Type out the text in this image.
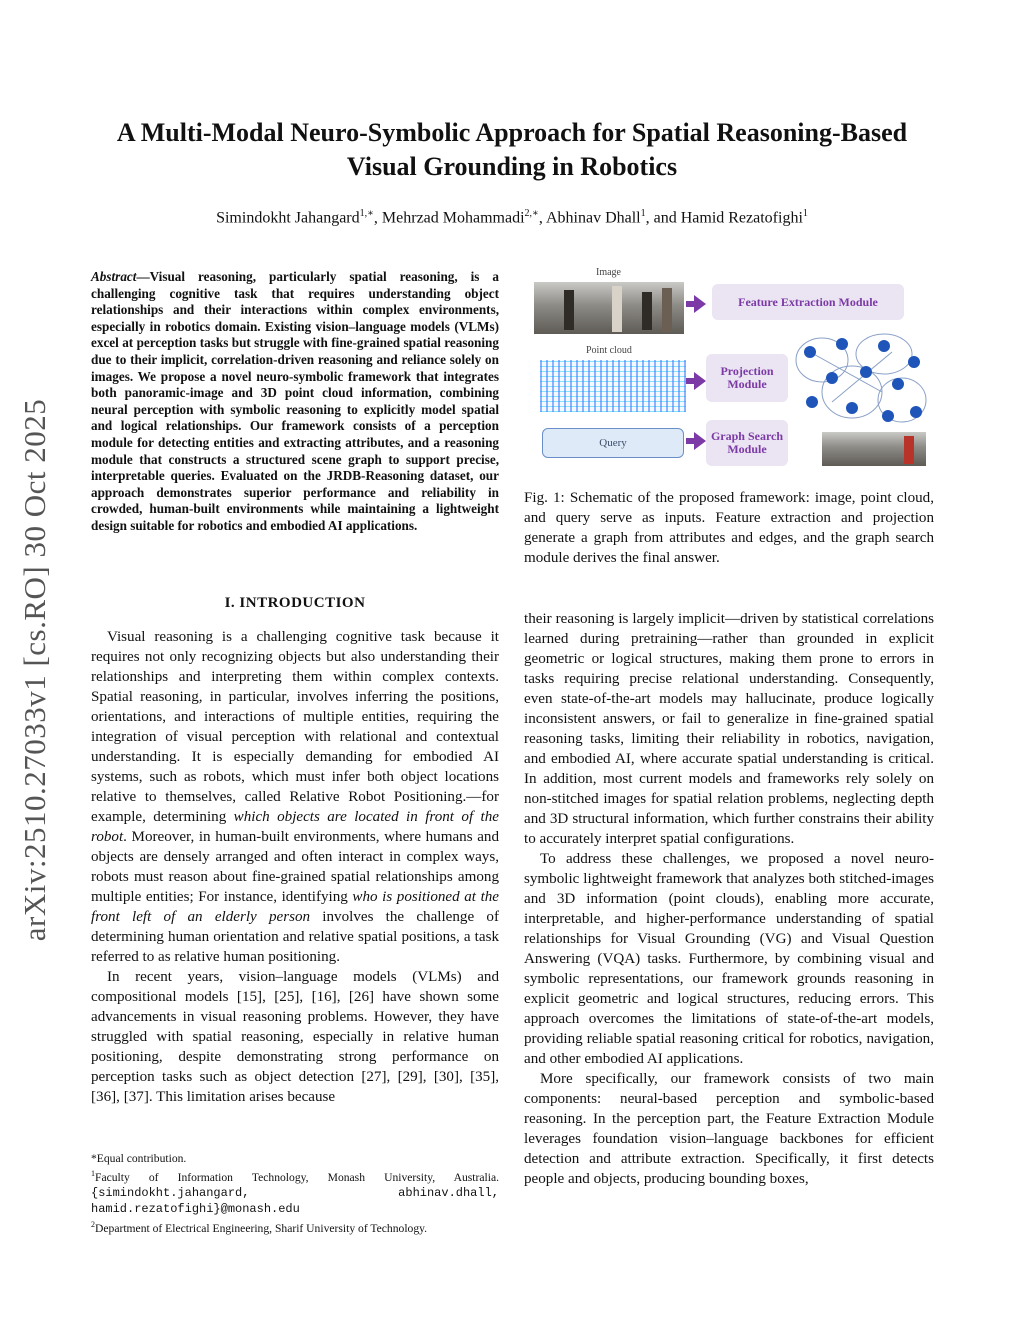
arXiv:2510.27033v1 [cs.RO] 30 Oct 2025
A Multi-Modal Neuro-Symbolic Approach for Spatial Reasoning-Based
Visual Grounding in Robotics

Simindokht Jahangard$^{1,∗}$, Mehrzad Mohammadi$^{2,∗}$, Abhinav Dhall$^1$, and Hamid Rezatofighi$^1$

Abstract—Visual reasoning, particularly spatial reasoning, is a challenging cognitive task that requires understanding object relationships and their interactions within complex environments, especially in robotics domain. Existing vision–language models (VLMs) excel at perception tasks but struggle with fine-grained spatial reasoning due to their implicit, correlation-driven reasoning and reliance solely on images. We propose a novel neuro-symbolic framework that integrates both panoramic-image and 3D point cloud information, combining neural perception with symbolic reasoning to explicitly model spatial and logical relationships. Our framework consists of a perception module for detecting entities and extracting attributes, and a reasoning module that constructs a structured scene graph to support precise, interpretable queries. Evaluated on the JRDB-Reasoning dataset, our approach demonstrates superior performance and reliability in crowded, human-built environments while maintaining a lightweight design suitable for robotics and embodied AI applications.

Image
Feature Extraction Module
Point cloud
Projection
Module
Query	Graph Search
Module

Fig. 1: Schematic of the proposed framework: image, point cloud, and query serve as inputs. Feature extraction and projection generate a graph from attributes and edges, and the graph search module derives the final answer.

I. INTRODUCTION

Visual reasoning is a challenging cognitive task because it requires not only recognizing objects but also understanding their relationships and interpreting them within complex contexts. Spatial reasoning, in particular, involves inferring the positions, orientations, and interactions of multiple entities, requiring the integration of visual perception with relational and contextual understanding. It is especially demanding for embodied AI systems, such as robots, which must infer both object locations relative to themselves, called Relative Robot Positioning.—for example, determining which objects are located in front of the robot. Moreover, in human-built environments, where humans and objects are densely arranged and often interact in complex ways, robots must reason about fine-grained spatial relationships among multiple entities; For instance, identifying who is positioned at the front left of an elderly person involves the challenge of determining human orientation and relative spatial positions, a task referred to as relative human positioning.

In recent years, vision–language models (VLMs) and compositional models [15], [25], [16], [26] have shown some advancements in visual reasoning problems. However, they have struggled with spatial reasoning, especially in relative human positioning, despite demonstrating strong performance on perception tasks such as object detection [27], [29], [30], [35], [36], [37]. This limitation arises because

their reasoning is largely implicit—driven by statistical correlations learned during pretraining—rather than grounded in explicit geometric or logical structures, making them prone to errors in tasks requiring precise relational understanding. Consequently, even state-of-the-art models may hallucinate, produce logically inconsistent answers, or fail to generalize in fine-grained spatial reasoning tasks, limiting their reliability in robotics, navigation, and embodied AI, where accurate spatial understanding is critical. In addition, most current models and frameworks rely solely on non-stitched images for spatial relation problems, neglecting depth and 3D structural information, which further constrains their ability to accurately interpret spatial configurations.

To address these challenges, we proposed a novel neuro-symbolic lightweight framework that analyzes both stitched-images and 3D information (point clouds), enabling more accurate, interpretable, and higher-performance understanding of spatial relationships for Visual Grounding (VG) and Visual Question Answering (VQA) tasks. Furthermore, by combining visual and symbolic representations, our framework grounds reasoning in explicit geometric and logical structures, reducing errors. This approach overcomes the limitations of state-of-the-art models, providing reliable spatial reasoning critical for robotics, navigation, and other embodied AI applications.

More specifically, our framework consists of two main components: neural-based perception and symbolic-based reasoning. In the perception part, the Feature Extraction Module leverages foundation vision–language backbones for efficient detection and attribute extraction. Specifically, it first detects people and objects, producing bounding boxes,

*Equal contribution.

$^1$Faculty of Information Technology, Monash University, Australia. {simindokht.jahangard, abhinav.dhall, hamid.rezatofighi}@monash.edu

$^2$Department of Electrical Engineering, Sharif University of Technology.
